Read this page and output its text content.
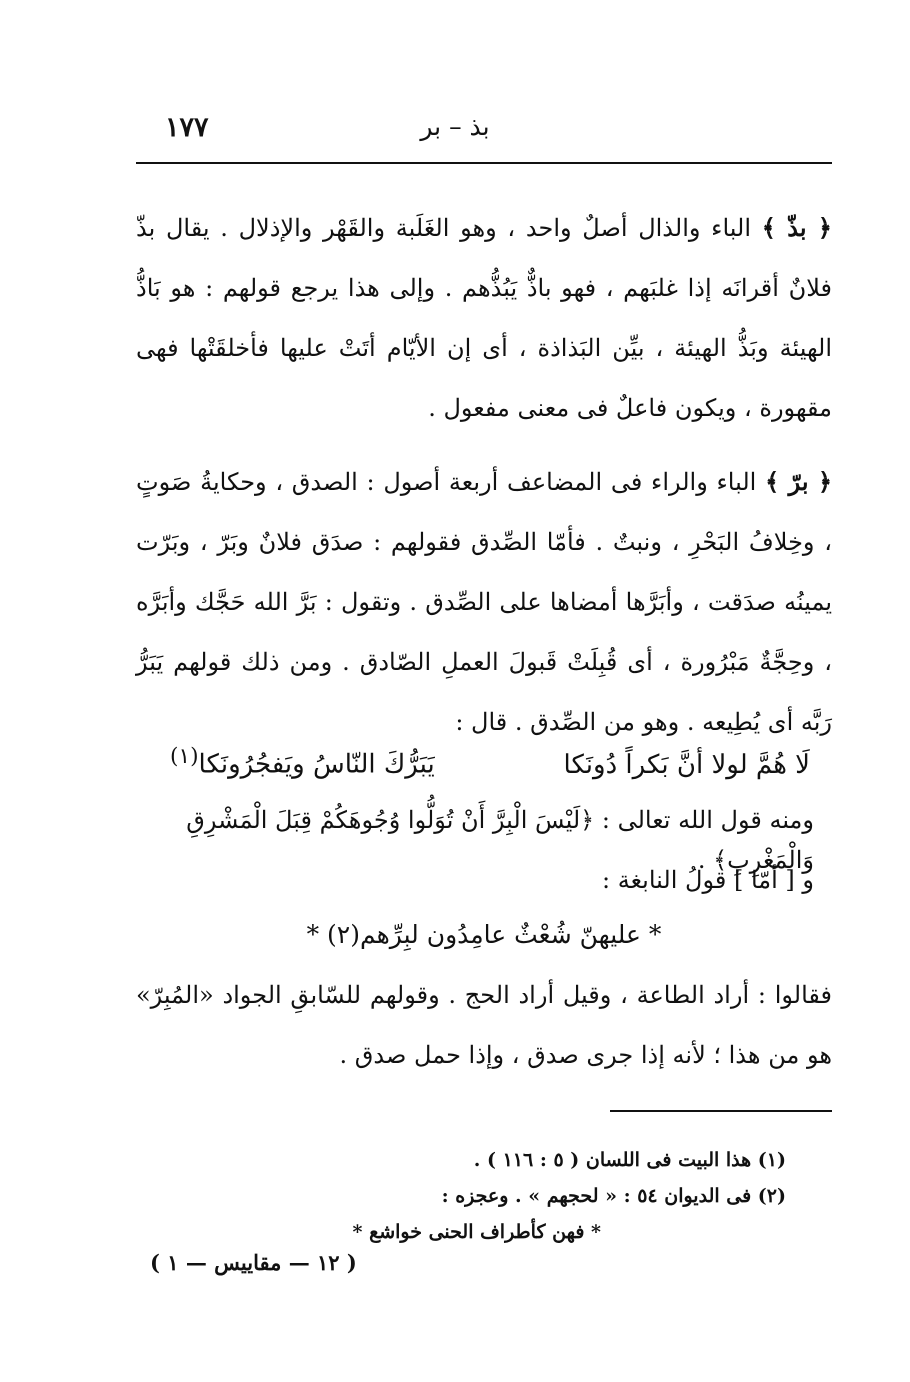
١٧٧	بذ – بر
﴿ بذّ ﴾ الباء والذال أصلٌ واحد ، وهو الغَلَبة والقَهْر والإذلال . يقال بذّ فلانٌ أقرانَه إذا غلبَهم ، فهو باذٌّ يَبُذُّهم . وإلى هذا يرجع قولهم : هو بَاذُّ الهيئة وبَذُّ الهيئة ، بيِّن البَذاذة ، أى إن الأيّام أتَتْ عليها فأخلقَتْها فهى مقهورة ، ويكون فاعلٌ فى معنى مفعول .
﴿ برّ ﴾ الباء والراء فى المضاعف أربعة أصول : الصدق ، وحكايةُ صَوتٍ ، وخِلافُ البَحْرِ ، ونبتٌ . فأمّا الصِّدق فقولهم : صدَق فلانٌ وبَرّ ، وبَرّت يمينُه صدَقت ، وأبَرَّها أمضاها على الصِّدق . وتقول : بَرَّ الله حَجَّك وأبَرَّه ، وحِجَّةٌ مَبْرُورة ، أى قُبِلَتْ قَبولَ العملِ الصّادق . ومن ذلك قولهم يَبَرُّ رَبَّه أى يُطِيعه . وهو من الصِّدق . قال :
لَا هُمَّ لولا أنَّ بَكراً دُونَكايَبَرُّكَ النّاسُ ويَفجُرُونَكا$^{(١)}$
ومنه قول الله تعالى : ﴿لَيْسَ الْبِرَّ أَنْ تُوَلُّوا وُجُوهَكُمْ قِبَلَ الْمَشْرِقِ وَالْمَغْرِبِ﴾ .
و [ أمّا ] قولُ النابغة :
* عليهنّ شُعْثٌ عامِدُون لبِرِّهم(٢) *
فقالوا : أراد الطاعة ، وقيل أراد الحج . وقولهم للسّابقِ الجواد «المُبِرّ» هو من هذا ؛ لأنه إذا جرى صدق ، وإذا حمل صدق .
(١) هذا البيت فى اللسان ( ٥ : ١١٦ ) .
(٢) فى الديوان ٥٤ : « لحجهم » . وعجزه :
* فهن كأطراف الحنى خواشع *
( ١٢ — مقاييس — ١ )
